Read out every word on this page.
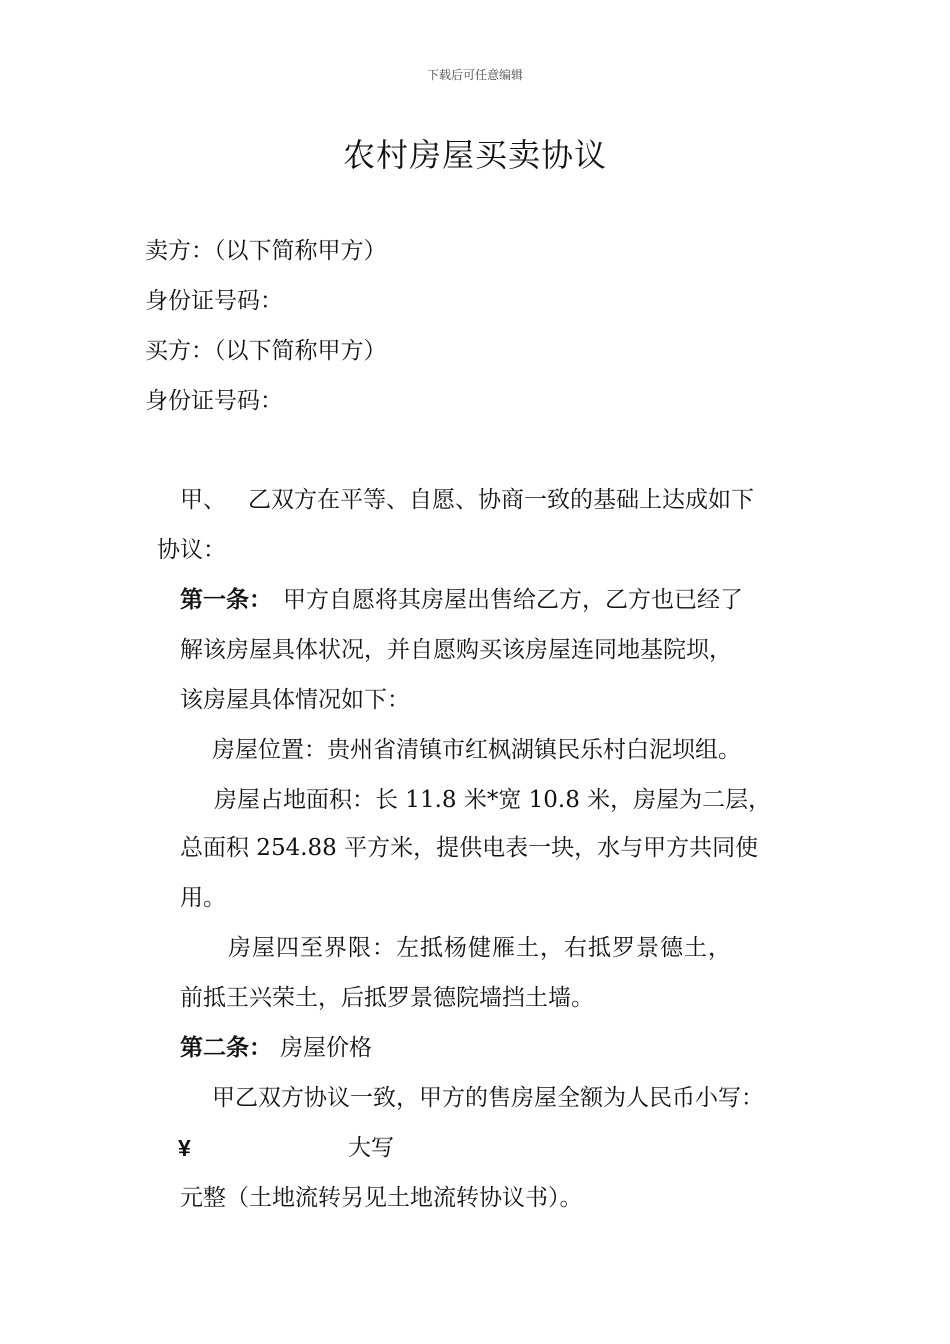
下载后可任意编辑
农村房屋买卖协议
卖方：（以下简称甲方）
身份证号码：
买方：（以下简称甲方）
身份证号码：
甲、 乙双方在平等、自愿、协商一致的基础上达成如下
协议：
第一条： 甲方自愿将其房屋出售给乙方，乙方也已经了
解该房屋具体状况，并自愿购买该房屋连同地基院坝，
该房屋具体情况如下：
房屋位置：贵州省清镇市红枫湖镇民乐村白泥坝组。
房屋占地面积：长 11.8 米*宽 10.8 米，房屋为二层，
总面积 254.88 平方米，提供电表一块，水与甲方共同使
用。
房屋四至界限：左抵杨健雁土，右抵罗景德土，
前抵王兴荣土，后抵罗景德院墙挡土墙。
第二条： 房屋价格
甲乙双方协议一致，甲方的售房屋全额为人民币小写：
¥	大写
元整（土地流转另见土地流转协议书）。
